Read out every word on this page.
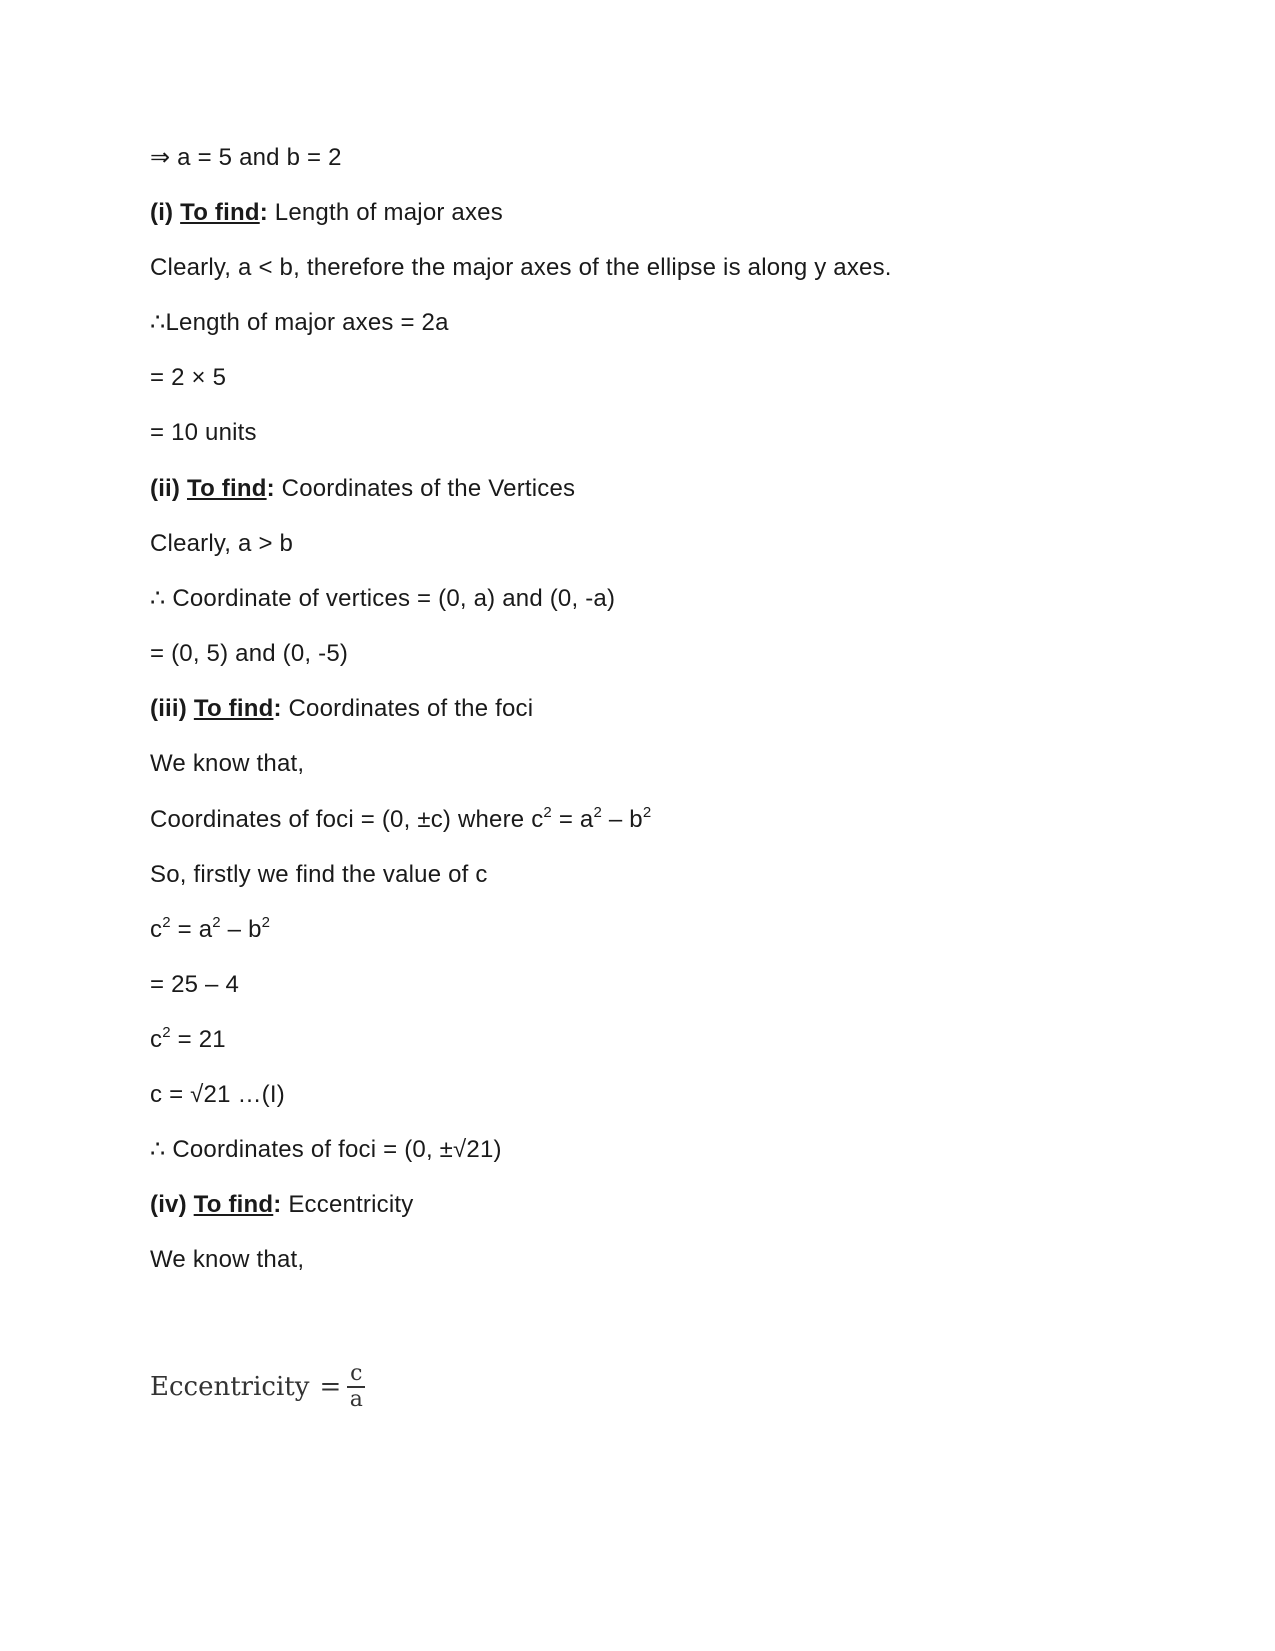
⇒ a = 5 and b = 2
(i) To find: Length of major axes
Clearly, a < b, therefore the major axes of the ellipse is along y axes.
∴Length of major axes = 2a
= 2 × 5
= 10 units
(ii) To find: Coordinates of the Vertices
Clearly, a > b
∴ Coordinate of vertices = (0, a) and (0, -a)
= (0, 5) and (0, -5)
(iii) To find: Coordinates of the foci
We know that,
Coordinates of foci = (0, ±c) where $c^2 = a^2 - b^2$
So, firstly we find the value of c
$c^2 = a^2 - b^2$
= 25 – 4
$c^2 = 21$
c = √21 …(I)
∴ Coordinates of foci = (0, ±√21)
(iv) To find: Eccentricity
We know that,
Eccentricity = $\frac{c}{a}$
